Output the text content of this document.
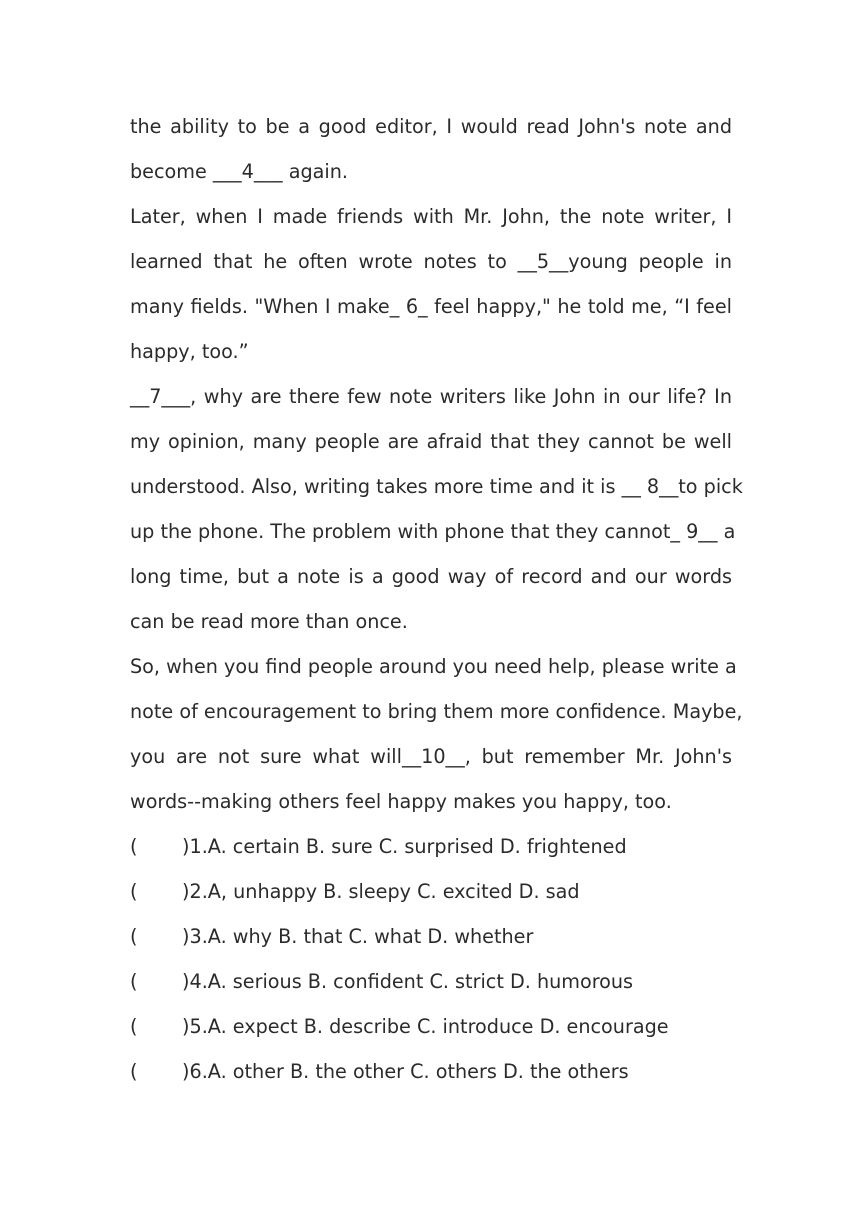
the ability to be a good editor, I would read John's note and
become ___4___ again.
Later, when I made friends with Mr. John, the note writer, I
learned that he often wrote notes to __5__young people in
many fields. "When I make_ 6_ feel happy," he told me, “I feel
happy, too.”
__7___, why are there few note writers like John in our life? In
my opinion, many people are afraid that they cannot be well
understood. Also, writing takes more time and it is __ 8__to pick
up the phone. The problem with phone that they cannot_ 9__ a
long time, but a note is a good way of record and our words
can be read more than once.
So, when you find people around you need help, please write a
note of encouragement to bring them more confidence. Maybe,
you are not sure what will__10__, but remember Mr. John's
words--making others feel happy makes you happy, too.
(	)1.A. certain B. sure C. surprised D. frightened
(	)2.A, unhappy B. sleepy C. excited D. sad
(	)3.A. why B. that C. what D. whether
(	)4.A. serious B. confident C. strict D. humorous
(	)5.A. expect B. describe C. introduce D. encourage
(	)6.A. other B. the other C. others D. the others
